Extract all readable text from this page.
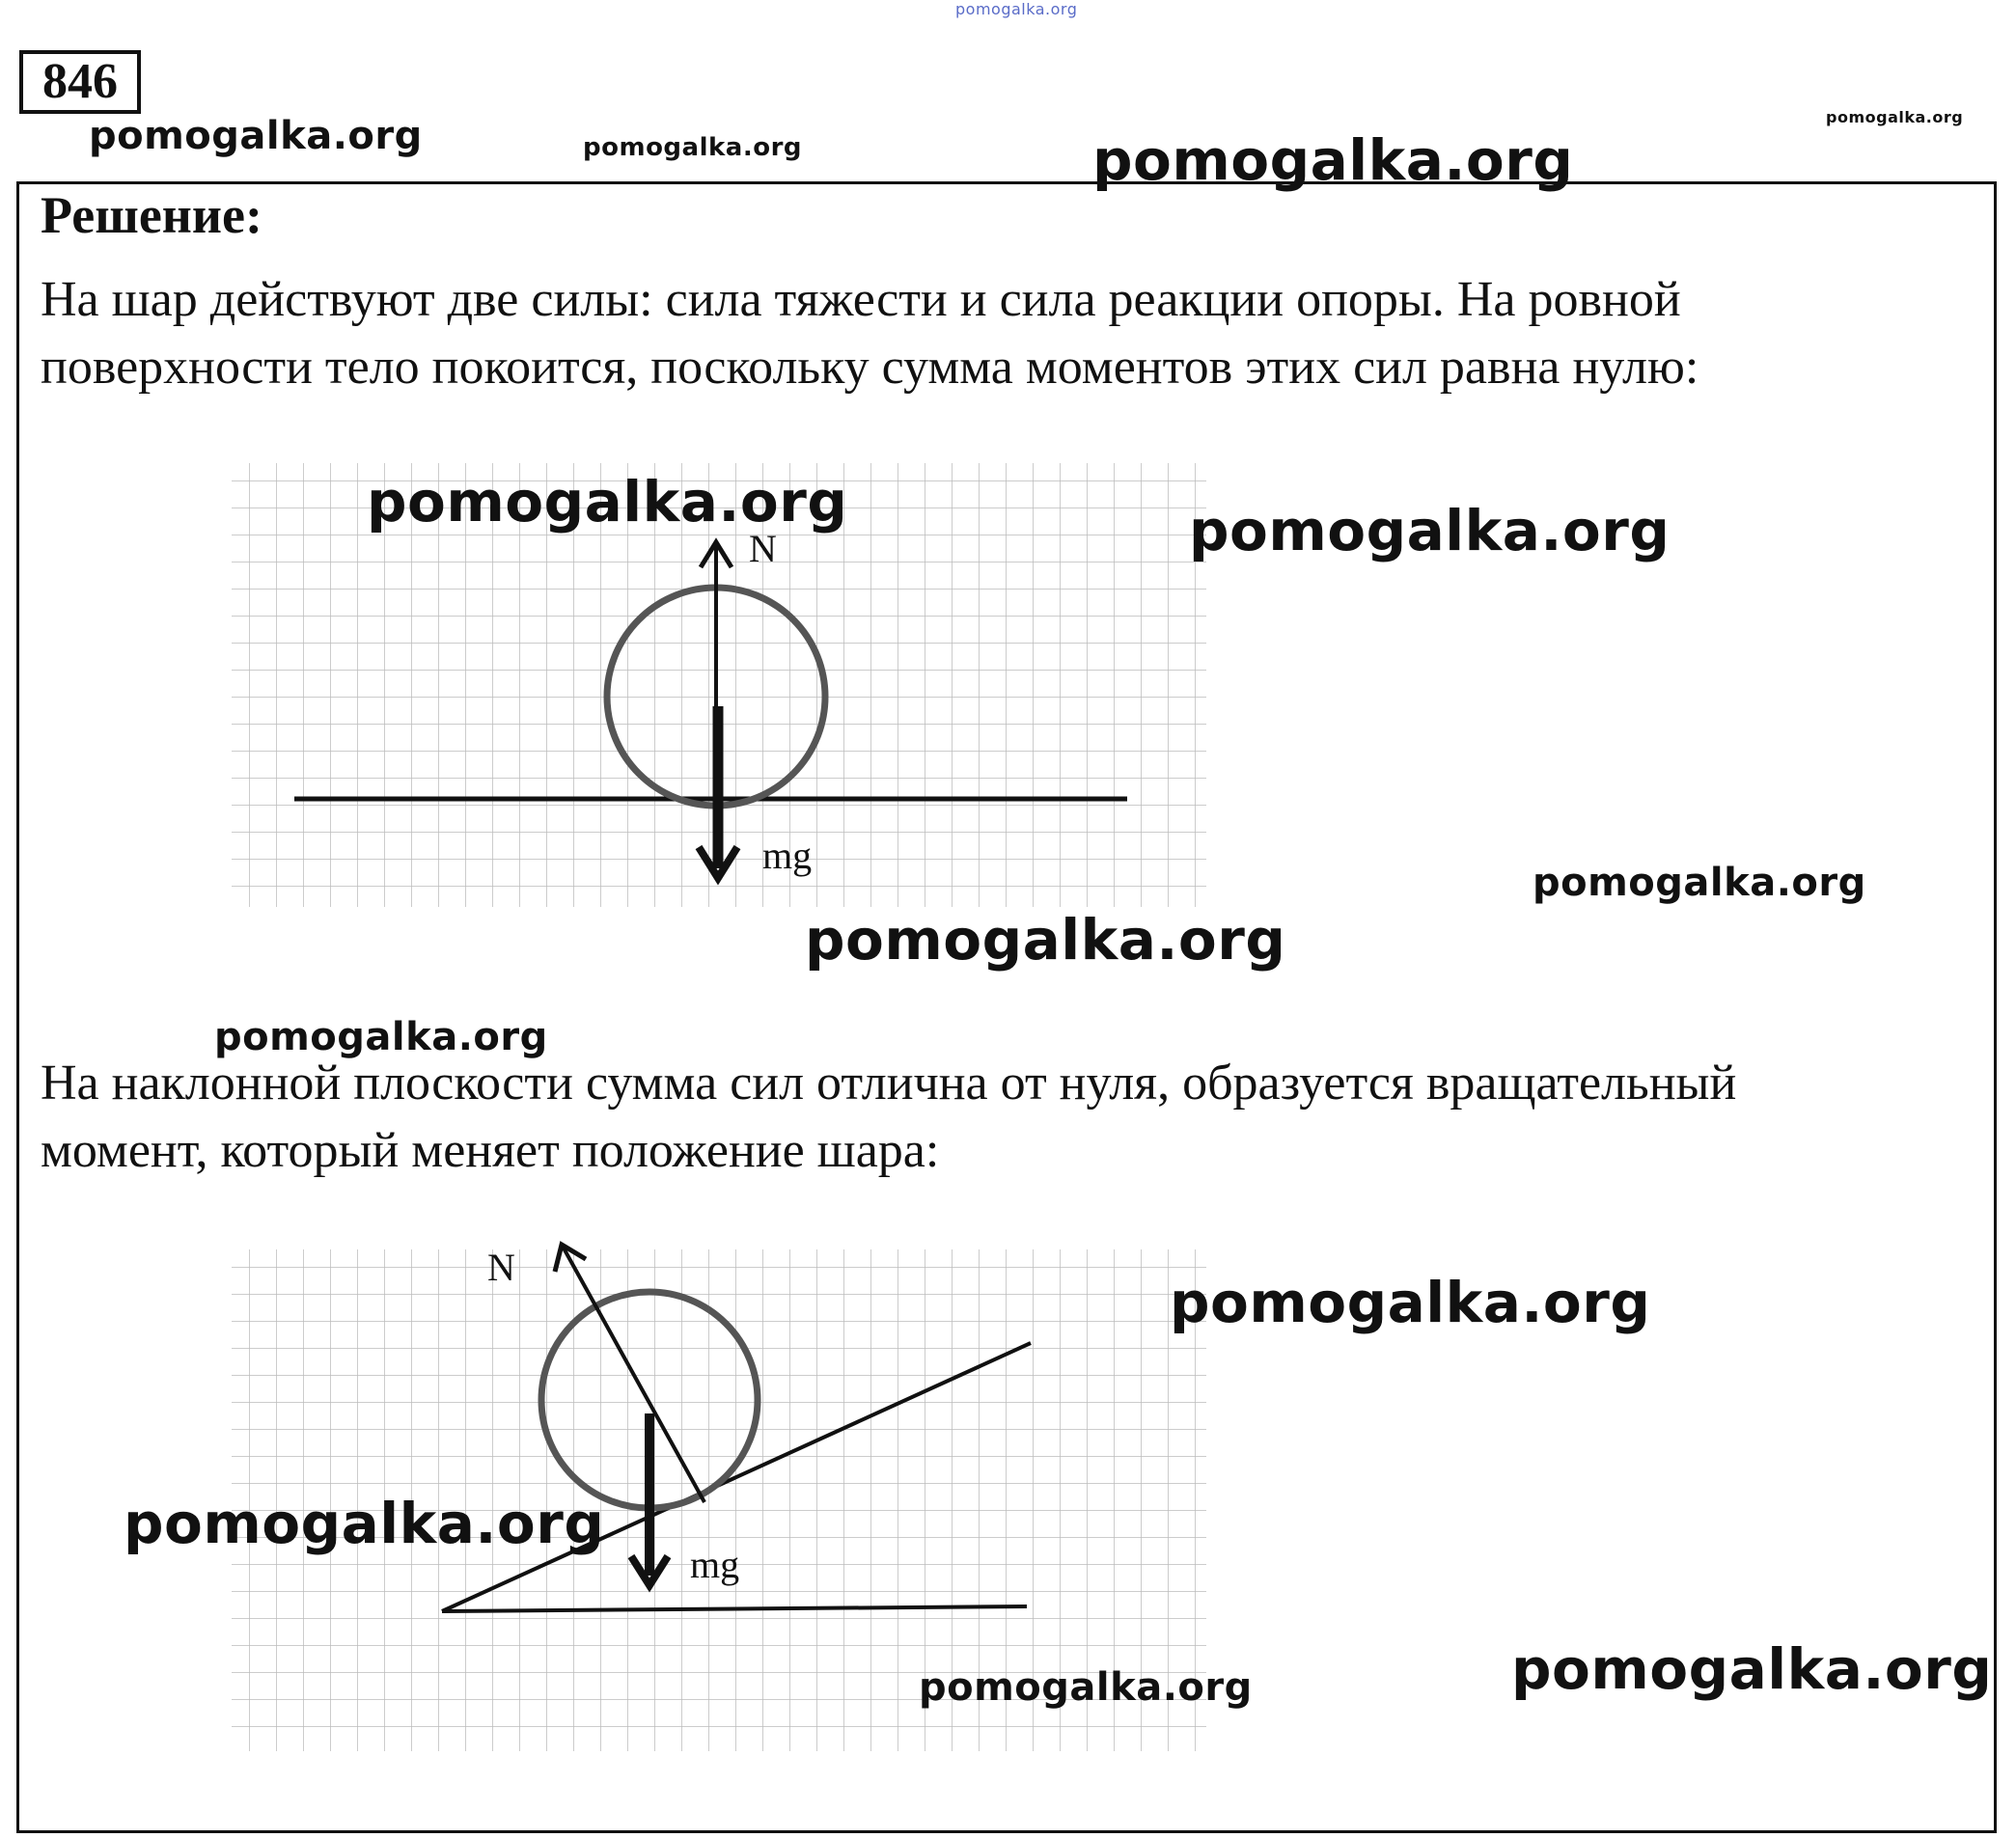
pomogalka.org
pomogalka.org	pomogalka.org	pomogalka.org
pomogalka.org
846
Решение:
На шар действуют две силы: сила тяжести и сила реакции опоры. На ровной
поверхности тело покоится, поскольку сумма моментов этих сил равна нулю:
N
mg
pomogalka.org	pomogalka.org
pomogalka.org
pomogalka.org
pomogalka.org
На наклонной плоскости сумма сил отлична от нуля, образуется вращательный
момент, который меняет положение шара:
N
mg
pomogalka.org
pomogalka.org
pomogalka.org	pomogalka.org
